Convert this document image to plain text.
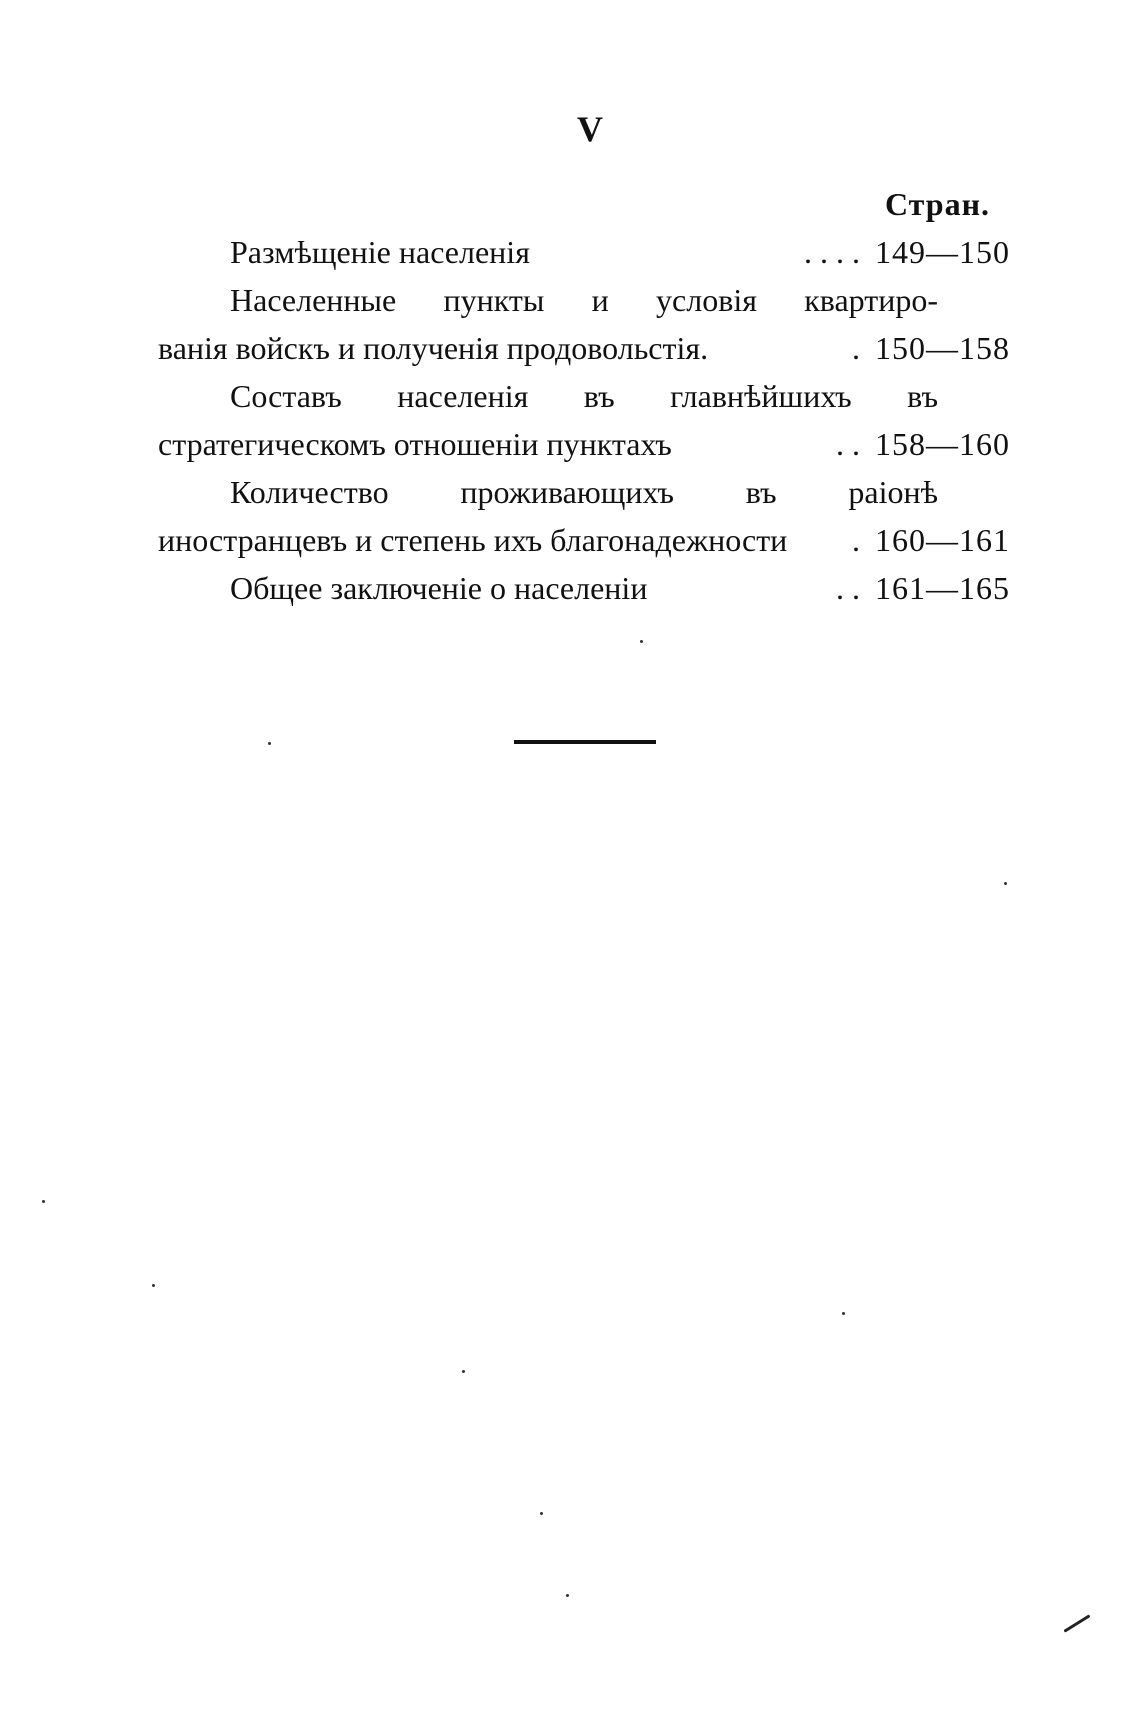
V
Стран.
Размѣщеніе населенія	. . . . 149—150
Населенные пункты и условія квартиро-
ванія войскъ и полученія продовольстія.	. 150—158
Составъ населенія въ главнѣйшихъ въ
стратегическомъ отношеніи пунктахъ	. . 158—160
Количество проживающихъ въ раіонѣ
иностранцевъ и степень ихъ благонадежности	. 160—161
Общее заключеніе о населеніи	. . 161—165
